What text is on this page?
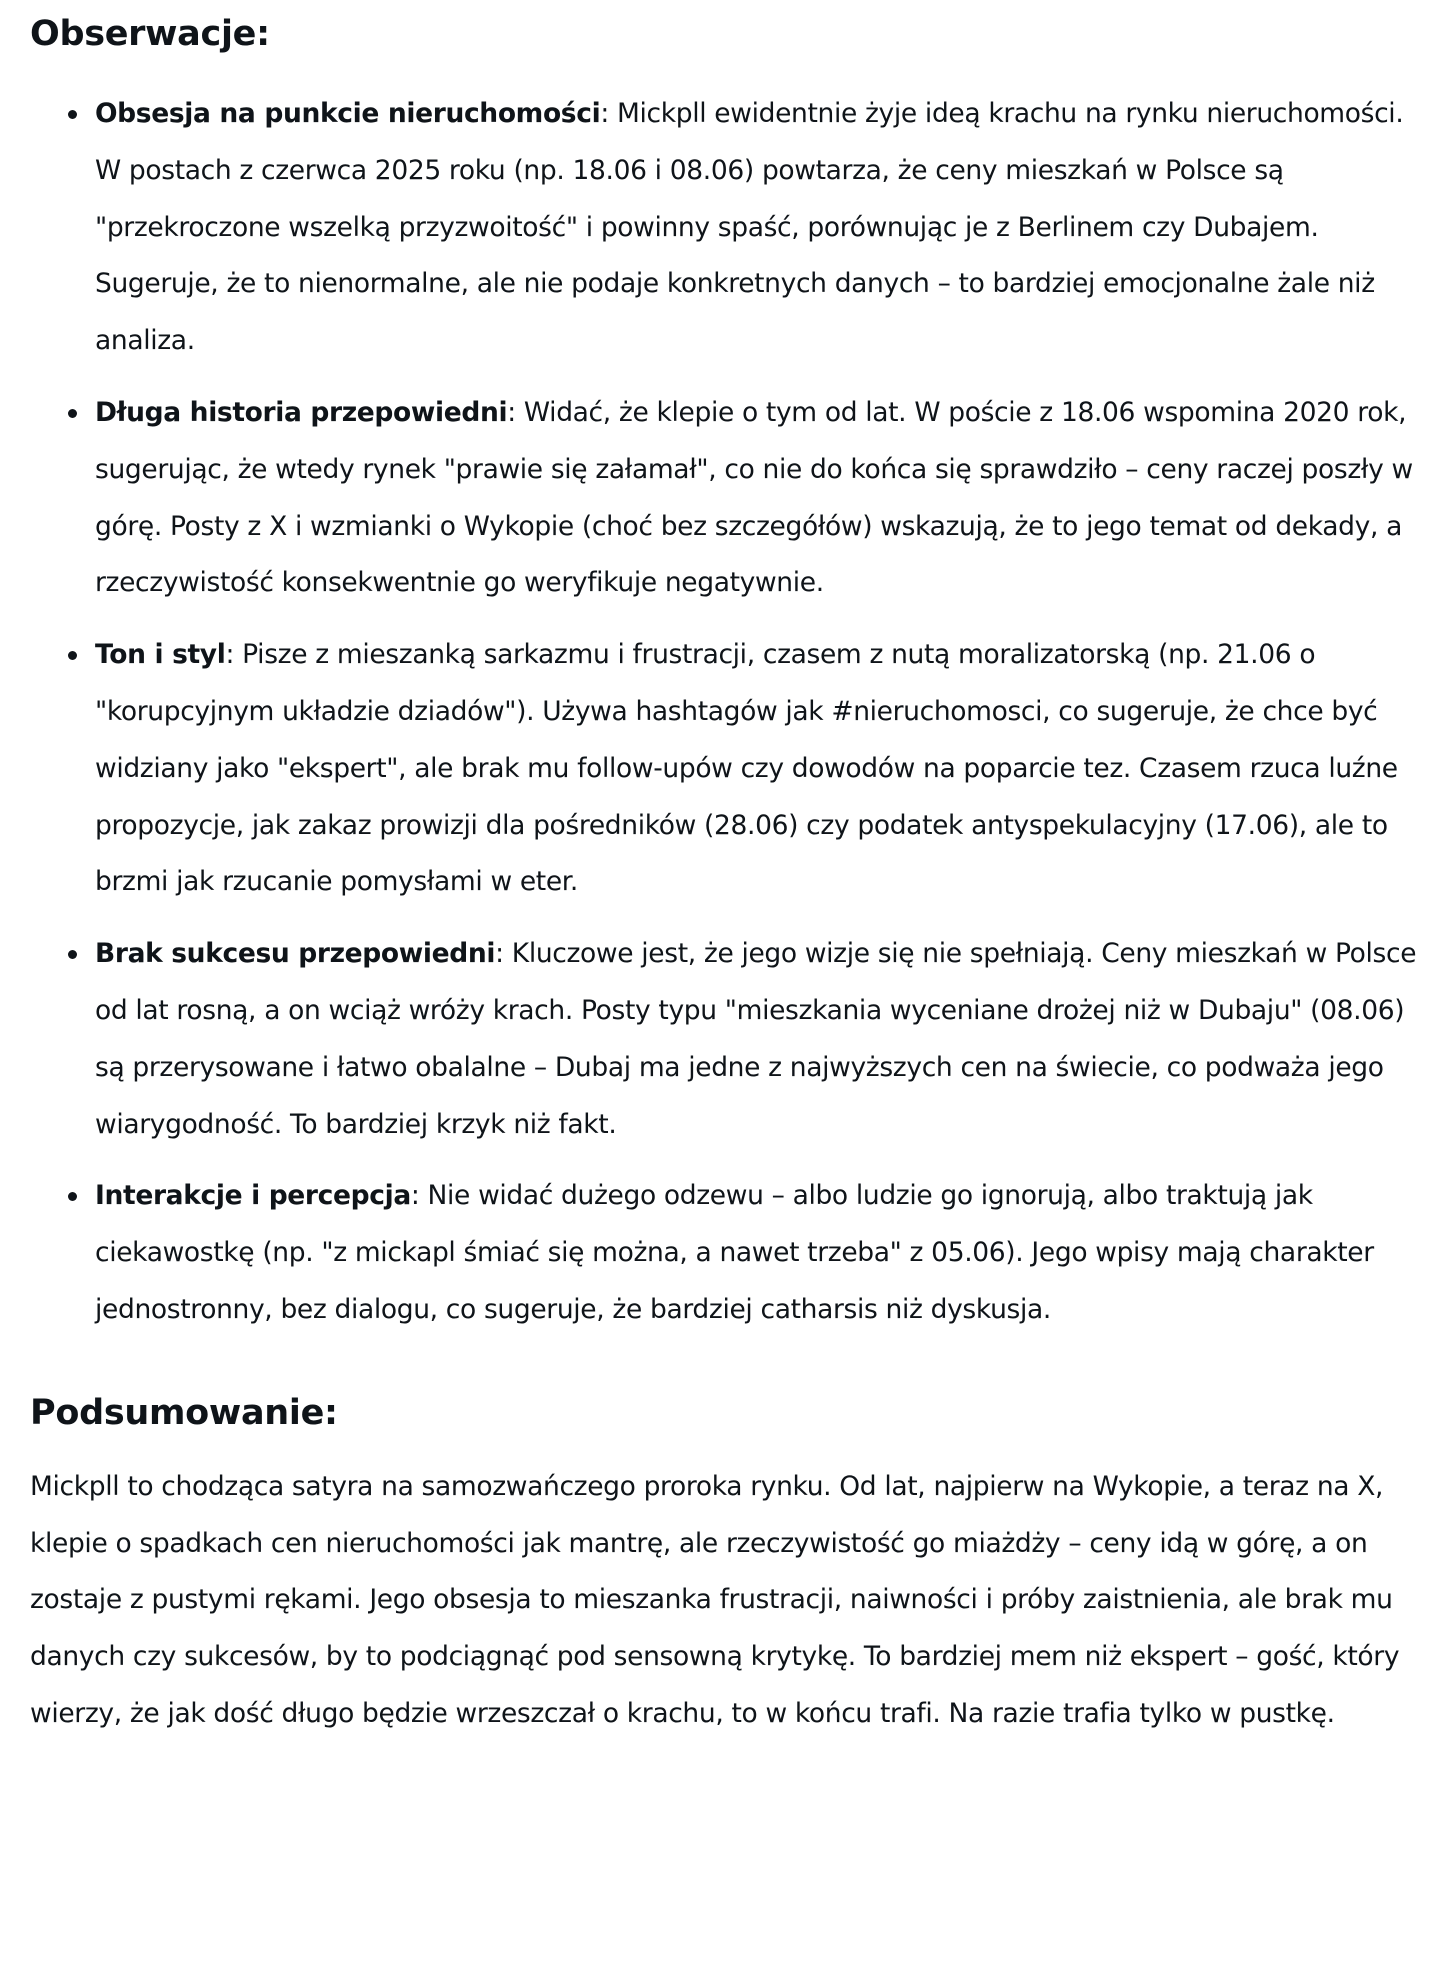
Obserwacje:
Obsesja na punkcie nieruchomości: Mickpll ewidentnie żyje ideą krachu na rynku nieruchomości. W postach z czerwca 2025 roku (np. 18.06 i 08.06) powtarza, że ceny mieszkań w Polsce są "przekroczone wszelką przyzwoitość" i powinny spaść, porównując je z Berlinem czy Dubajem. Sugeruje, że to nienormalne, ale nie podaje konkretnych danych – to bardziej emocjonalne żale niż analiza.
Długa historia przepowiedni: Widać, że klepie o tym od lat. W poście z 18.06 wspomina 2020 rok, sugerując, że wtedy rynek "prawie się załamał", co nie do końca się sprawdziło – ceny raczej poszły w górę. Posty z X i wzmianki o Wykopie (choć bez szczegółów) wskazują, że to jego temat od dekady, a rzeczywistość konsekwentnie go weryfikuje negatywnie.
Ton i styl: Pisze z mieszanką sarkazmu i frustracji, czasem z nutą moralizatorską (np. 21.06 o "korupcyjnym układzie dziadów"). Używa hashtagów jak #nieruchomosci, co sugeruje, że chce być widziany jako "ekspert", ale brak mu follow-upów czy dowodów na poparcie tez. Czasem rzuca luźne propozycje, jak zakaz prowizji dla pośredników (28.06) czy podatek antyspekulacyjny (17.06), ale to brzmi jak rzucanie pomysłami w eter.
Brak sukcesu przepowiedni: Kluczowe jest, że jego wizje się nie spełniają. Ceny mieszkań w Polsce od lat rosną, a on wciąż wróży krach. Posty typu "mieszkania wyceniane drożej niż w Dubaju" (08.06) są przerysowane i łatwo obalalne – Dubaj ma jedne z najwyższych cen na świecie, co podważa jego wiarygodność. To bardziej krzyk niż fakt.
Interakcje i percepcja: Nie widać dużego odzewu – albo ludzie go ignorują, albo traktują jak ciekawostkę (np. "z mickapl śmiać się można, a nawet trzeba" z 05.06). Jego wpisy mają charakter jednostronny, bez dialogu, co sugeruje, że bardziej catharsis niż dyskusja.
Podsumowanie:

Mickpll to chodząca satyra na samozwańczego proroka rynku. Od lat, najpierw na Wykopie, a teraz na X, klepie o spadkach cen nieruchomości jak mantrę, ale rzeczywistość go miażdży – ceny idą w górę, a on zostaje z pustymi rękami. Jego obsesja to mieszanka frustracji, naiwności i próby zaistnienia, ale brak mu danych czy sukcesów, by to podciągnąć pod sensowną krytykę. To bardziej mem niż ekspert – gość, który wierzy, że jak dość długo będzie wrzeszczał o krachu, to w końcu trafi. Na razie trafia tylko w pustkę.
